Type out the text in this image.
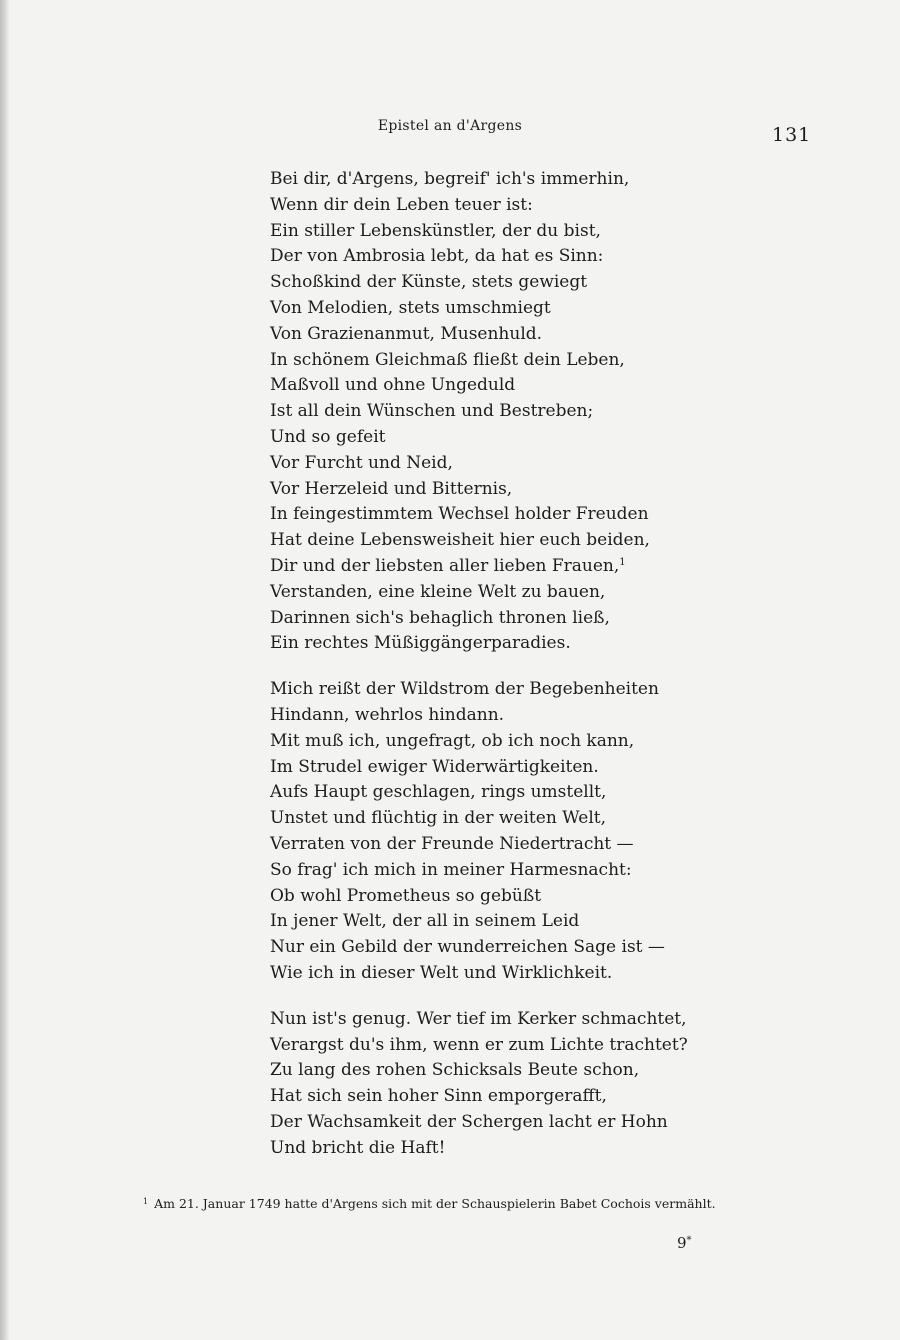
Epistel an d'Argens	131
Bei dir, d'Argens, begreif' ich's immerhin,
Wenn dir dein Leben teuer ist:
Ein stiller Lebenskünstler, der du bist,
Der von Ambrosia lebt, da hat es Sinn:
Schoßkind der Künste, stets gewiegt
Von Melodien, stets umschmiegt
Von Grazienanmut, Musenhuld.
In schönem Gleichmaß fließt dein Leben,
Maßvoll und ohne Ungeduld
Ist all dein Wünschen und Bestreben;
Und so gefeit
Vor Furcht und Neid,
Vor Herzeleid und Bitternis,
In feingestimmtem Wechsel holder Freuden
Hat deine Lebensweisheit hier euch beiden,
Dir und der liebsten aller lieben Frauen,$^1$
Verstanden, eine kleine Welt zu bauen,
Darinnen sich's behaglich thronen ließ,
Ein rechtes Müßiggängerparadies.
Mich reißt der Wildstrom der Begebenheiten
Hindann, wehrlos hindann.
Mit muß ich, ungefragt, ob ich noch kann,
Im Strudel ewiger Widerwärtigkeiten.
Aufs Haupt geschlagen, rings umstellt,
Unstet und flüchtig in der weiten Welt,
Verraten von der Freunde Niedertracht —
So frag' ich mich in meiner Harmesnacht:
Ob wohl Prometheus so gebüßt
In jener Welt, der all in seinem Leid
Nur ein Gebild der wunderreichen Sage ist —
Wie ich in dieser Welt und Wirklichkeit.
Nun ist's genug. Wer tief im Kerker schmachtet,
Verargst du's ihm, wenn er zum Lichte trachtet?
Zu lang des rohen Schicksals Beute schon,
Hat sich sein hoher Sinn emporgerafft,
Der Wachsamkeit der Schergen lacht er Hohn
Und bricht die Haft!
$^1$ Am 21. Januar 1749 hatte d'Argens sich mit der Schauspielerin Babet Cochois vermählt.
9*
